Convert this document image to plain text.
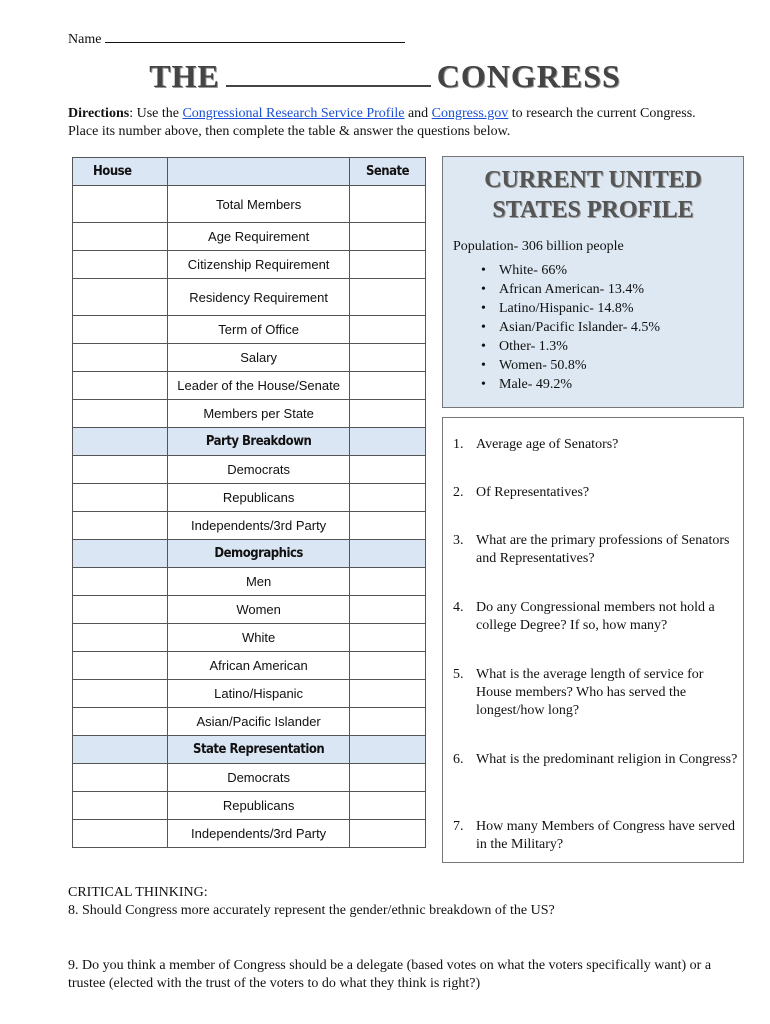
Name
THE	CONGRESS
Directions: Use the Congressional Research Service Profile and Congress.gov to research the current Congress. Place its number above, then complete the table & answer the questions below.
House		Senate
	Total Members	
	Age Requirement	
	Citizenship Requirement	
	Residency Requirement	
	Term of Office	
	Salary	
	Leader of the House/Senate	
	Members per State	
	Party Breakdown	
	Democrats	
	Republicans	
	Independents/3rd Party	
	Demographics	
	Men	
	Women	
	White	
	African American	
	Latino/Hispanic	
	Asian/Pacific Islander	
	State Representation	
	Democrats	
	Republicans	
	Independents/3rd Party	
CURRENT UNITED
STATES PROFILE
Population- 306 billion people
• White- 66%
• African American- 13.4%
• Latino/Hispanic- 14.8%
• Asian/Pacific Islander- 4.5%
• Other- 1.3%
• Women- 50.8%
• Male- 49.2%
1. Average age of Senators?
2. Of Representatives?
3. What are the primary professions of Senators and Representatives?
4. Do any Congressional members not hold a college Degree? If so, how many?
5. What is the average length of service for House members? Who has served the longest/how long?
6. What is the predominant religion in Congress?
7. How many Members of Congress have served in the Military?
CRITICAL THINKING:
8. Should Congress more accurately represent the gender/ethnic breakdown of the US?
9. Do you think a member of Congress should be a delegate (based votes on what the voters specifically want) or a trustee (elected with the trust of the voters to do what they think is right?)
